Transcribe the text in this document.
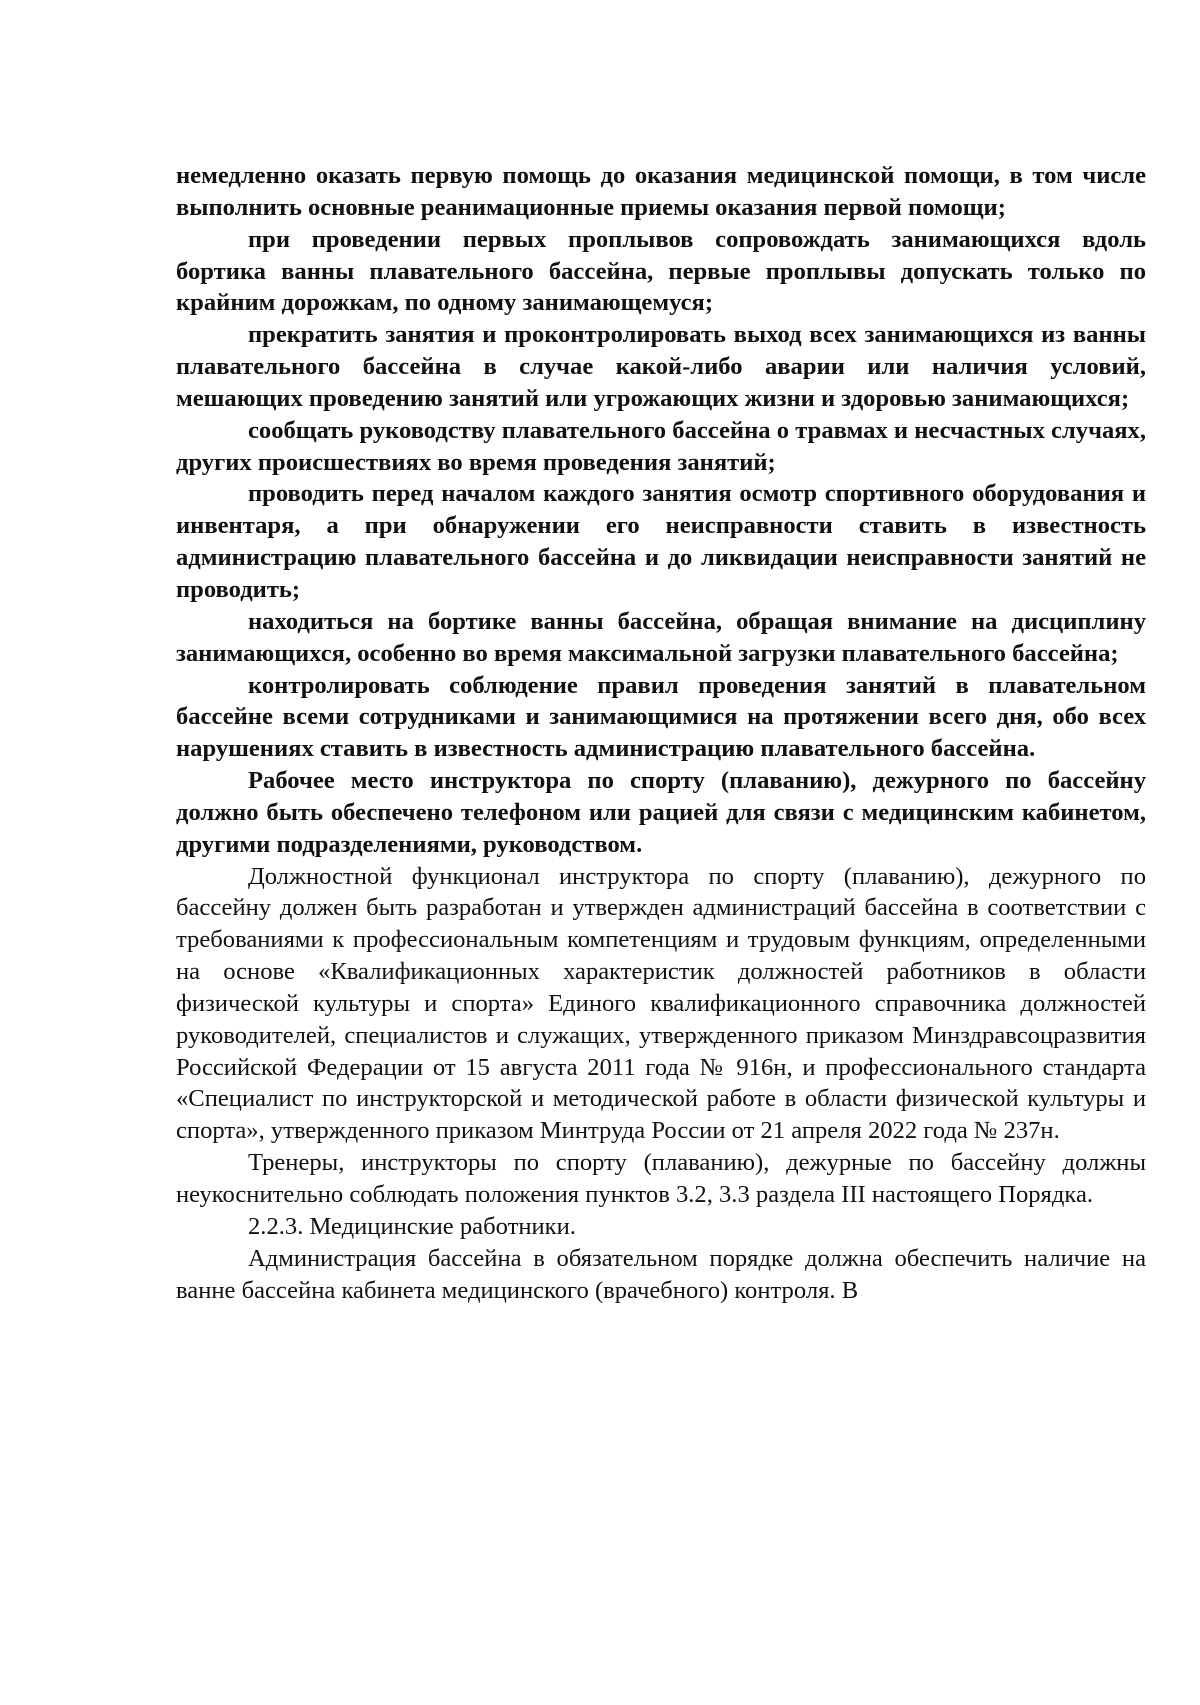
немедленно оказать первую помощь до оказания медицинской помощи, в том числе выполнить основные реанимационные приемы оказания первой помощи;

при проведении первых проплывов сопровождать занимающихся вдоль бортика ванны плавательного бассейна, первые проплывы допускать только по крайним дорожкам, по одному занимающемуся;

прекратить занятия и проконтролировать выход всех занимающихся из ванны плавательного бассейна в случае какой-либо аварии или наличия условий, мешающих проведению занятий или угрожающих жизни и здоровью занимающихся;

сообщать руководству плавательного бассейна о травмах и несчастных случаях, других происшествиях во время проведения занятий;

проводить перед началом каждого занятия осмотр спортивного оборудования и инвентаря, а при обнаружении его неисправности ставить в известность администрацию плавательного бассейна и до ликвидации неисправности занятий не проводить;

находиться на бортике ванны бассейна, обращая внимание на дисциплину занимающихся, особенно во время максимальной загрузки плавательного бассейна;

контролировать соблюдение правил проведения занятий в плавательном бассейне всеми сотрудниками и занимающимися на протяжении всего дня, обо всех нарушениях ставить в известность администрацию плавательного бассейна.

Рабочее место инструктора по спорту (плаванию), дежурного по бассейну должно быть обеспечено телефоном или рацией для связи с медицинским кабинетом, другими подразделениями, руководством.

Должностной функционал инструктора по спорту (плаванию), дежурного по бассейну должен быть разработан и утвержден администраций бассейна в соответствии с требованиями к профессиональным компетенциям и трудовым функциям, определенными на основе «Квалификационных характеристик должностей работников в области физической культуры и спорта» Единого квалификационного справочника должностей руководителей, специалистов и служащих, утвержденного приказом Минздравсоцразвития Российской Федерации от 15 августа 2011 года № 916н, и профессионального стандарта «Специалист по инструкторской и методической работе в области физической культуры и спорта», утвержденного приказом Минтруда России от 21 апреля 2022 года № 237н.

Тренеры, инструкторы по спорту (плаванию), дежурные по бассейну должны неукоснительно соблюдать положения пунктов 3.2, 3.3 раздела III настоящего Порядка.

2.2.3. Медицинские работники.

Администрация бассейна в обязательном порядке должна обеспечить наличие на ванне бассейна кабинета медицинского (врачебного) контроля. В
